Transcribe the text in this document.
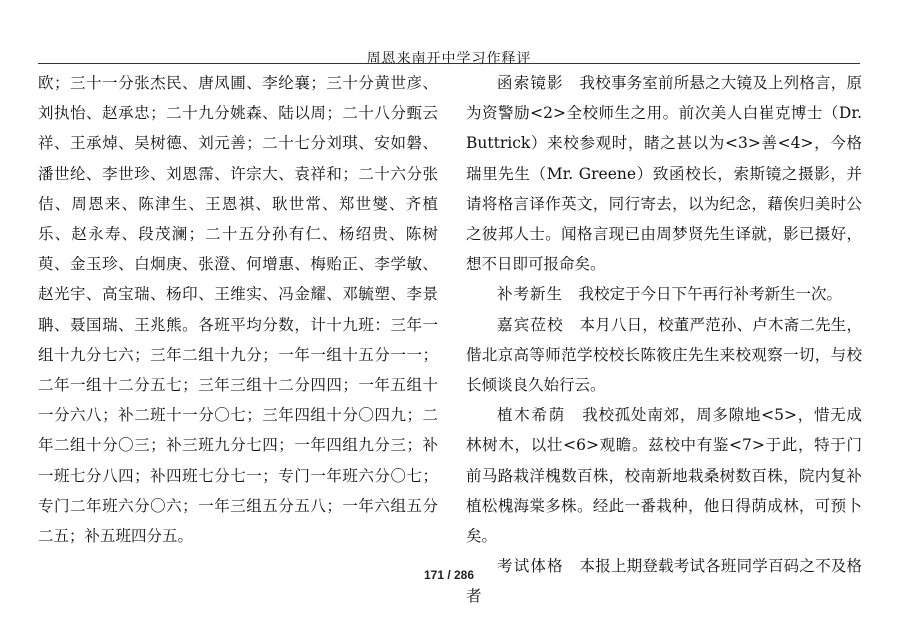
周恩来南开中学习作释评

欧；三十一分张杰民、唐凤圃、李纶襄；三十分黄世彦、刘执怡、赵承忠；二十九分姚森、陆以周；二十八分甄云祥、王承焯、吴树德、刘元善；二十七分刘琪、安如磐、潘世纶、李世珍、刘恩霈、许宗大、袁祥和；二十六分张佶、周恩来、陈津生、王恩祺、耿世常、郑世燮、齐植乐、赵永寿、段茂澜；二十五分孙有仁、杨绍贵、陈树萸、金玉珍、白炯庚、张澄、何增惠、梅贻正、李学敏、赵光宇、高宝瑞、杨印、王维实、冯金耀、邓毓塑、李景聃、聂国瑞、王兆熊。各班平均分数，计十九班：三年一组十九分七六；三年二组十九分；一年一组十五分一一；二年一组十二分五七；三年三组十二分四四；一年五组十一分六八；补二班十一分〇七；三年四组十分〇四九；二年二组十分〇三；补三班九分七四；一年四组九分三；补一班七分八四；补四班七分七一；专门一年班六分〇七；专门二年班六分〇六；一年三组五分五八；一年六组五分二五；补五班四分五。

函索镜影  我校事务室前所悬之大镜及上列格言，原为资警励<2>全校师生之用。前次美人白崔克博士（Dr. Buttrick）来校参观时，睹之甚以为<3>善<4>，今格瑞里先生（Mr. Greene）致函校长，索斯镜之摄影，并请将格言译作英文，同行寄去，以为纪念，藉俟归美时公之彼邦人士。闻格言现已由周梦贤先生译就，影已摄好，想不日即可报命矣。

补考新生  我校定于今日下午再行补考新生一次。

嘉宾莅校  本月八日，校董严范孙、卢木斋二先生，偕北京高等师范学校校长陈筱庄先生来校观察一切，与校长倾谈良久始行云。

植木希荫  我校孤处南郊，周多隙地<5>，惜无成林树木，以壮<6>观瞻。兹校中有鉴<7>于此，特于门前马路栽洋槐数百株，校南新地栽桑树数百株，院内复补植松槐海棠多株。经此一番栽种，他日得荫成林，可预卜矣。

考试体格  本报上期登载考试各班同学百码之不及格者

171 / 286
